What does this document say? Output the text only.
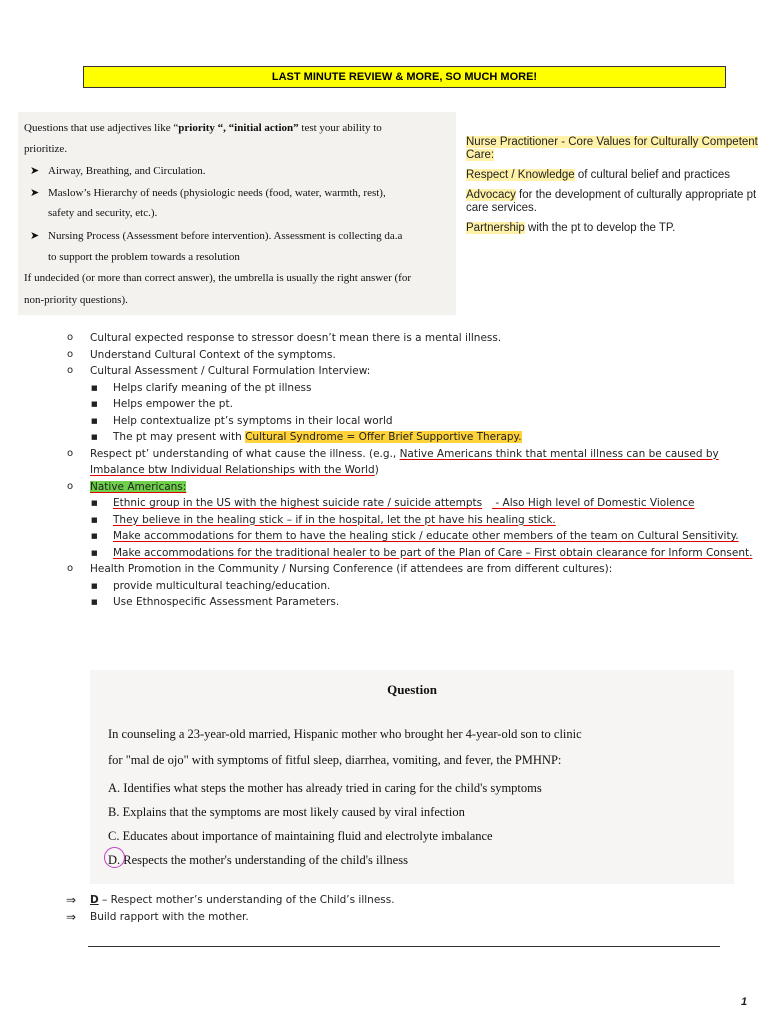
LAST MINUTE REVIEW & MORE, SO MUCH MORE!
Questions that use adjectives like “priority “, “initial action” test your ability to
prioritize.
➤ Airway, Breathing, and Circulation.
➤ Maslow’s Hierarchy of needs (physiologic needs (food, water, warmth, rest),
safety and security, etc.).
➤ Nursing Process (Assessment before intervention). Assessment is collecting da.a
to support the problem towards a resolution
If undecided (or more than correct answer), the umbrella is usually the right answer (for
non-priority questions).

Nurse Practitioner - Core Values for Culturally Competent Care:

Respect / Knowledge of cultural belief and practices

Advocacy for the development of culturally appropriate pt care services.

Partnership with the pt to develop the TP.

o Cultural expected response to stressor doesn’t mean there is a mental illness.
o Understand Cultural Context of the symptoms.
o Cultural Assessment / Cultural Formulation Interview:
■ Helps clarify meaning of the pt illness
■ Helps empower the pt.
■ Help contextualize pt’s symptoms in their local world
■ The pt may present with Cultural Syndrome = Offer Brief Supportive Therapy.
o Respect pt’ understanding of what cause the illness. (e.g., Native Americans think that mental illness can be caused by Imbalance btw Individual Relationships with the World)
o Native Americans:
■ Ethnic group in the US with the highest suicide rate / suicide attempts - Also High level of Domestic Violence
■ They believe in the healing stick – if in the hospital, let the pt have his healing stick.
■ Make accommodations for them to have the healing stick / educate other members of the team on Cultural Sensitivity.
■ Make accommodations for the traditional healer to be part of the Plan of Care – First obtain clearance for Inform Consent.
o Health Promotion in the Community / Nursing Conference (if attendees are from different cultures):
■ provide multicultural teaching/education.
■ Use Ethnospecific Assessment Parameters.
Question
In counseling a 23-year-old married, Hispanic mother who brought her 4-year-old son to clinic
for "mal de ojo" with symptoms of fitful sleep, diarrhea, vomiting, and fever, the PMHNP:
A. Identifies what steps the mother has already tried in caring for the child's symptoms
B. Explains that the symptoms are most likely caused by viral infection
C. Educates about importance of maintaining fluid and electrolyte imbalance
D. Respects the mother's understanding of the child's illness
⇒ D – Respect mother’s understanding of the Child’s illness.
⇒ Build rapport with the mother.
1
